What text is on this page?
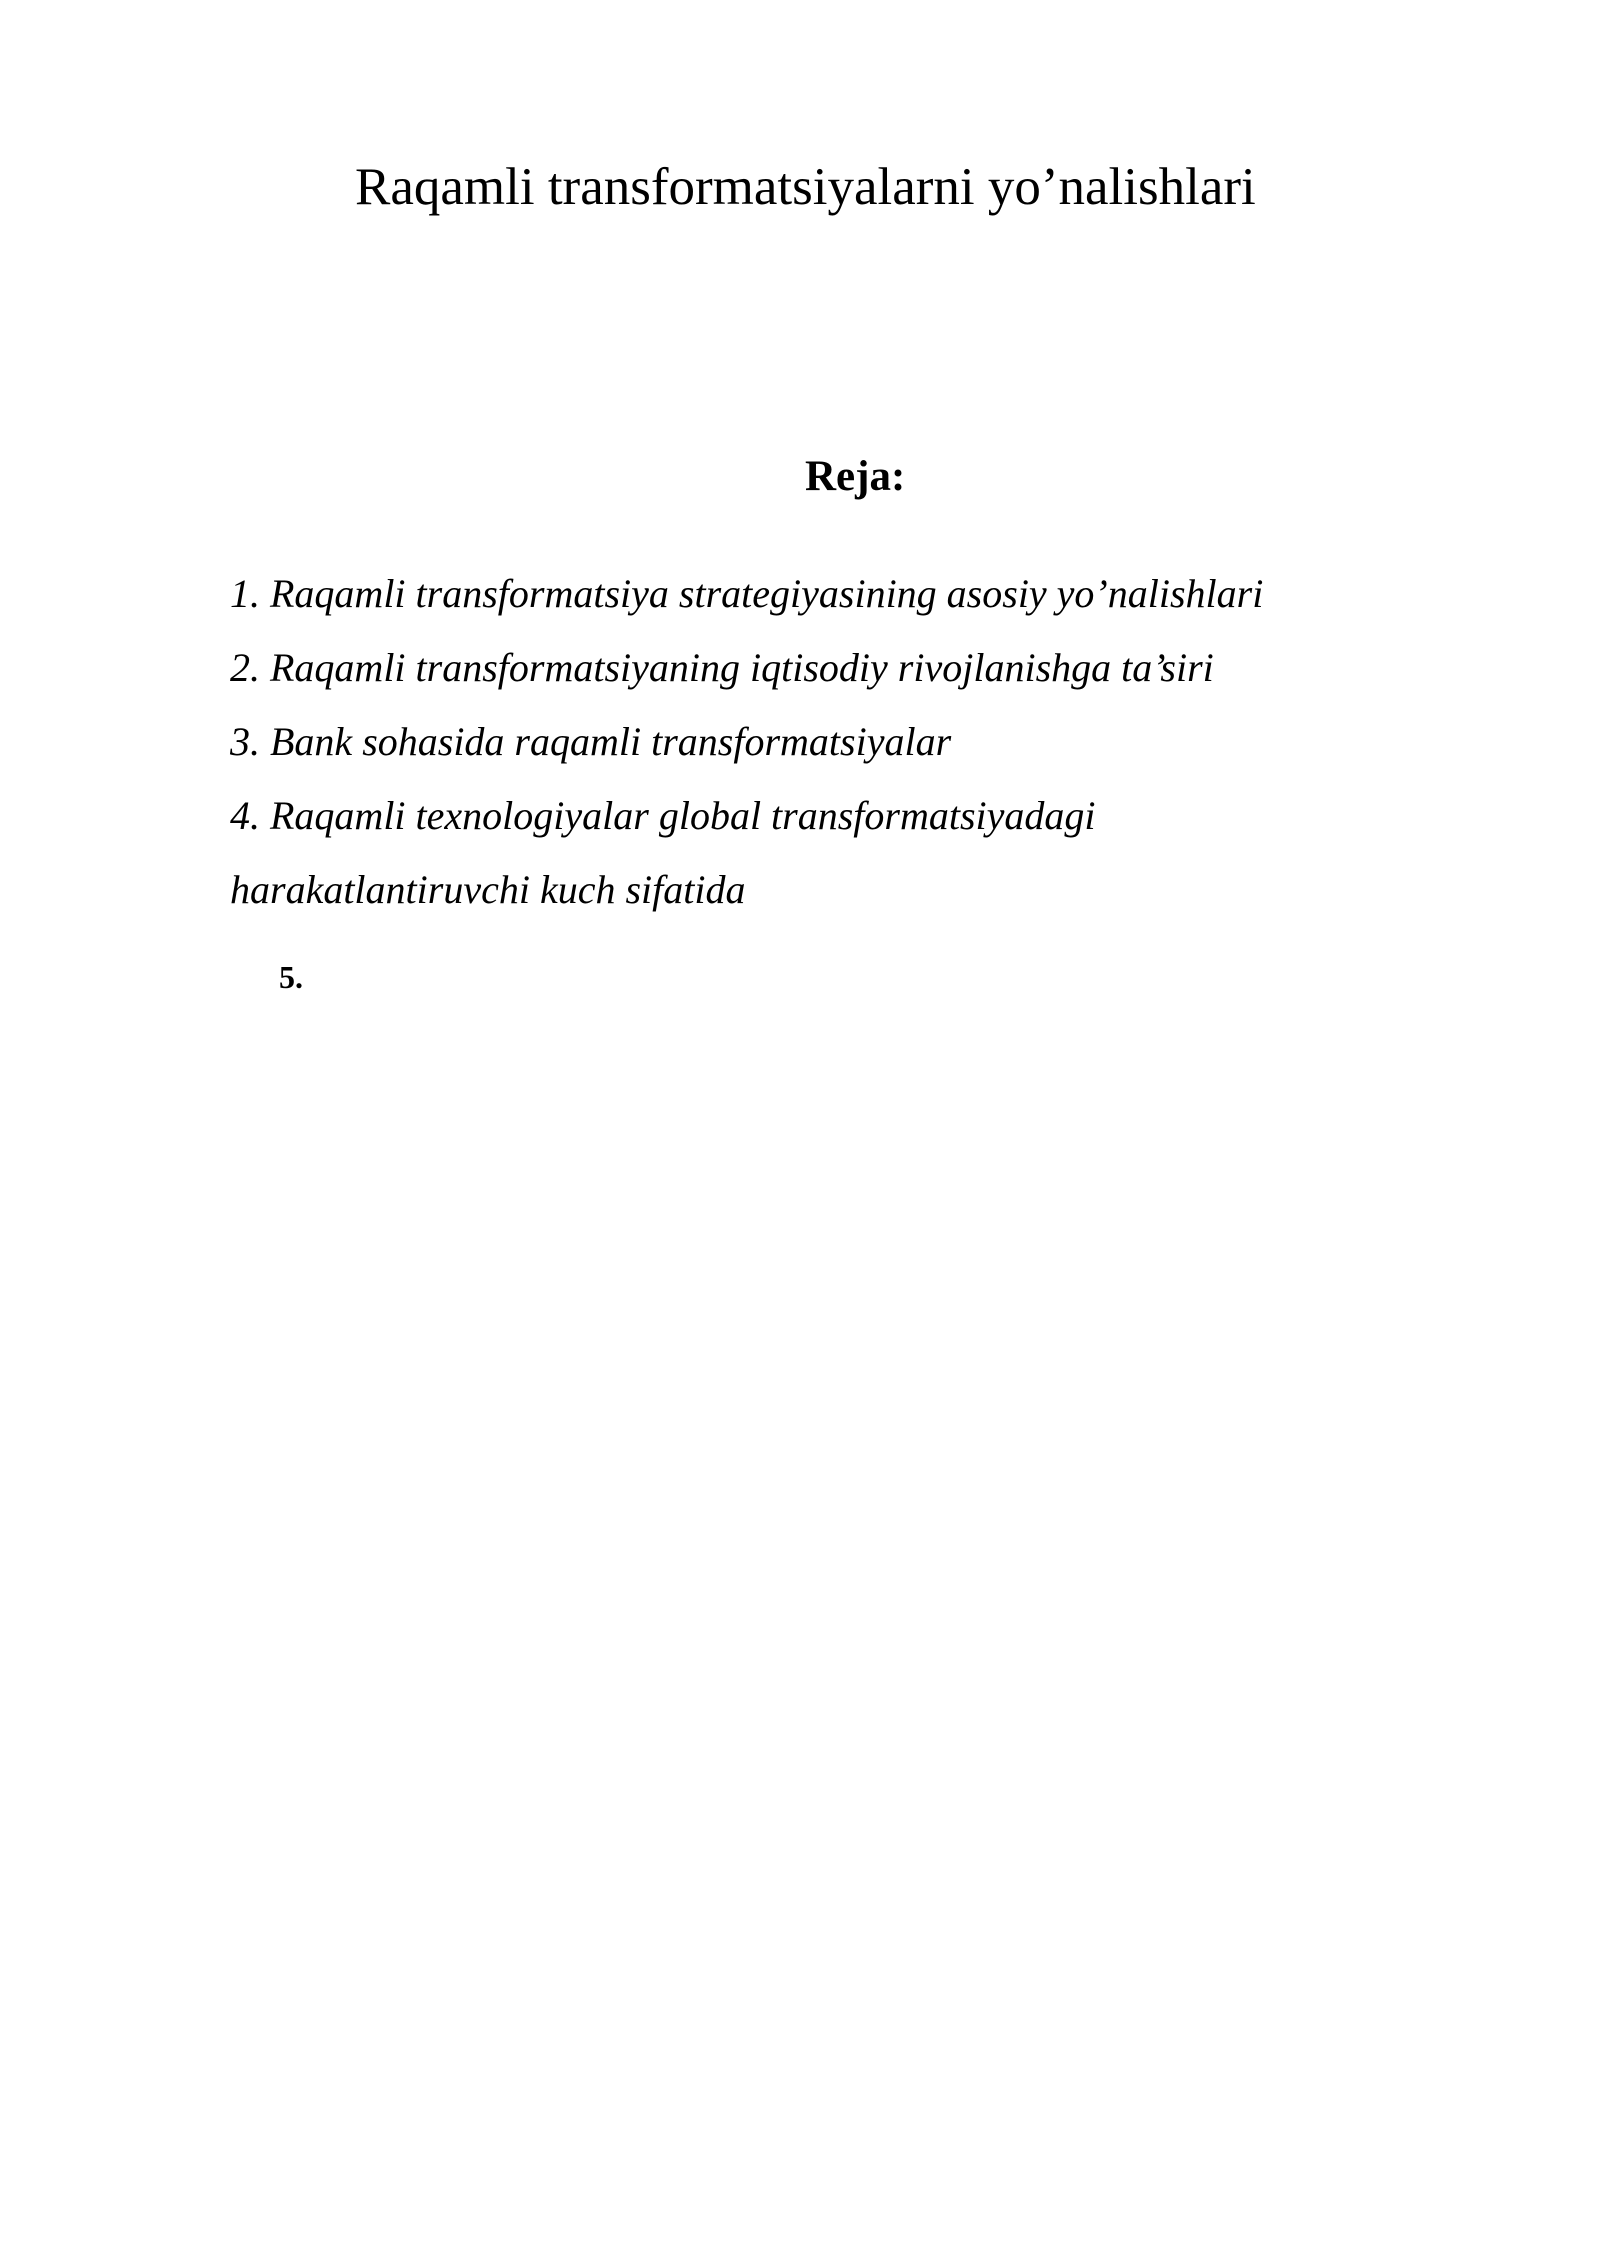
Raqamli transformatsiyalarni yo’nalishlari
Reja:
1. Raqamli transformatsiya strategiyasining asosiy yo’nalishlari
2. Raqamli transformatsiyaning iqtisodiy rivojlanishga ta’siri
3. Bank sohasida raqamli transformatsiyalar
4. Raqamli texnologiyalar global transformatsiyadagi
harakatlantiruvchi kuch sifatida

5.
